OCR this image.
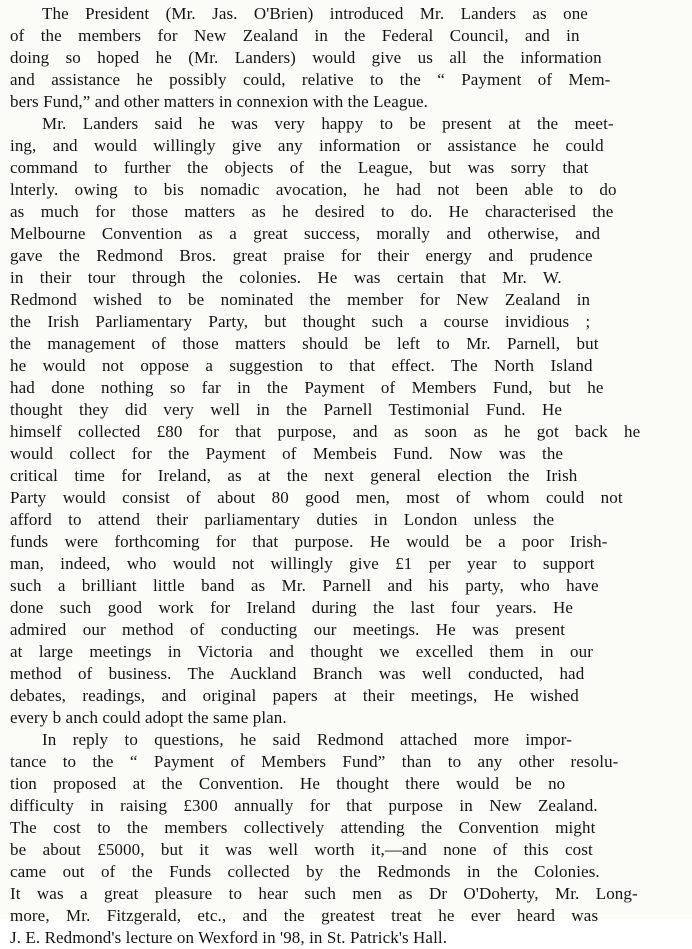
The President (Mr. Jas. O'Brien) introduced Mr. Landers as one
of the members for New Zealand in the Federal Council, and in
doing so hoped he (Mr. Landers) would give us all the information
and assistance he possibly could, relative to the “ Payment of Mem-
bers Fund,” and other matters in connexion with the League.
Mr. Landers said he was very happy to be present at the meet-
ing, and would willingly give any information or assistance he could
command to further the objects of the League, but was sorry that
lnterly. owing to bis nomadic avocation, he had not been able to do
as much for those matters as he desired to do. He characterised the
Melbourne Convention as a great success, morally and otherwise, and
gave the Redmond Bros. great praise for their energy and prudence
in their tour through the colonies. He was certain that Mr. W.
Redmond wished to be nominated the member for New Zealand in
the Irish Parliamentary Party, but thought such a course invidious ;
the management of those matters should be left to Mr. Parnell, but
he would not oppose a suggestion to that effect. The North Island
had done nothing so far in the Payment of Members Fund, but he
thought they did very well in the Parnell Testimonial Fund. He
himself collected £80 for that purpose, and as soon as he got back he
would collect for the Payment of Membeis Fund. Now was the
critical time for Ireland, as at the next general election the Irish
Party would consist of about 80 good men, most of whom could not
afford to attend their parliamentary duties in London unless the
funds were forthcoming for that purpose. He would be a poor Irish-
man, indeed, who would not willingly give £1 per year to support
such a brilliant little band as Mr. Parnell and his party, who have
done such good work for Ireland during the last four years. He
admired our method of conducting our meetings. He was present
at large meetings in Victoria and thought we excelled them in our
method of business. The Auckland Branch was well conducted, had
debates, readings, and original papers at their meetings, He wished
every b anch could adopt the same plan.
In reply to questions, he said Redmond attached more impor-
tance to the “ Payment of Members Fund” than to any other resolu-
tion proposed at the Convention. He thought there would be no
difficulty in raising £300 annually for that purpose in New Zealand.
The cost to the members collectively attending the Convention might
be about £5000, but it was well worth it,—and none of this cost
came out of the Funds collected by the Redmonds in the Colonies.
It was a great pleasure to hear such men as Dr O'Doherty, Mr. Long-
more, Mr. Fitzgerald, etc., and the greatest treat he ever heard was
J. E. Redmond's lecture on Wexford in '98, in St. Patrick's Hall.
